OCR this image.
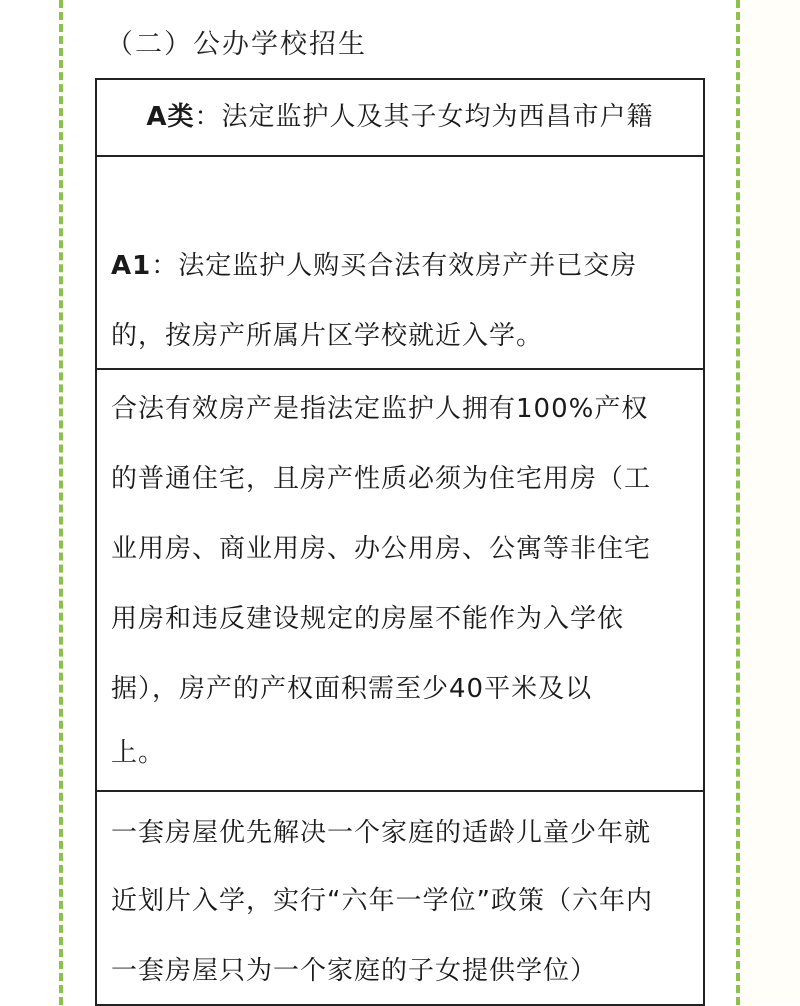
（二）公办学校招生
A类：法定监护人及其子女均为西昌市户籍
A1：法定监护人购买合法有效房产并已交房
的，按房产所属片区学校就近入学。
合法有效房产是指法定监护人拥有100%产权
的普通住宅，且房产性质必须为住宅用房（工
业用房、商业用房、办公用房、公寓等非住宅
用房和违反建设规定的房屋不能作为入学依
据），房产的产权面积需至少40平米及以
上。
一套房屋优先解决一个家庭的适龄儿童少年就
近划片入学，实行“六年一学位”政策（六年内
一套房屋只为一个家庭的子女提供学位）
